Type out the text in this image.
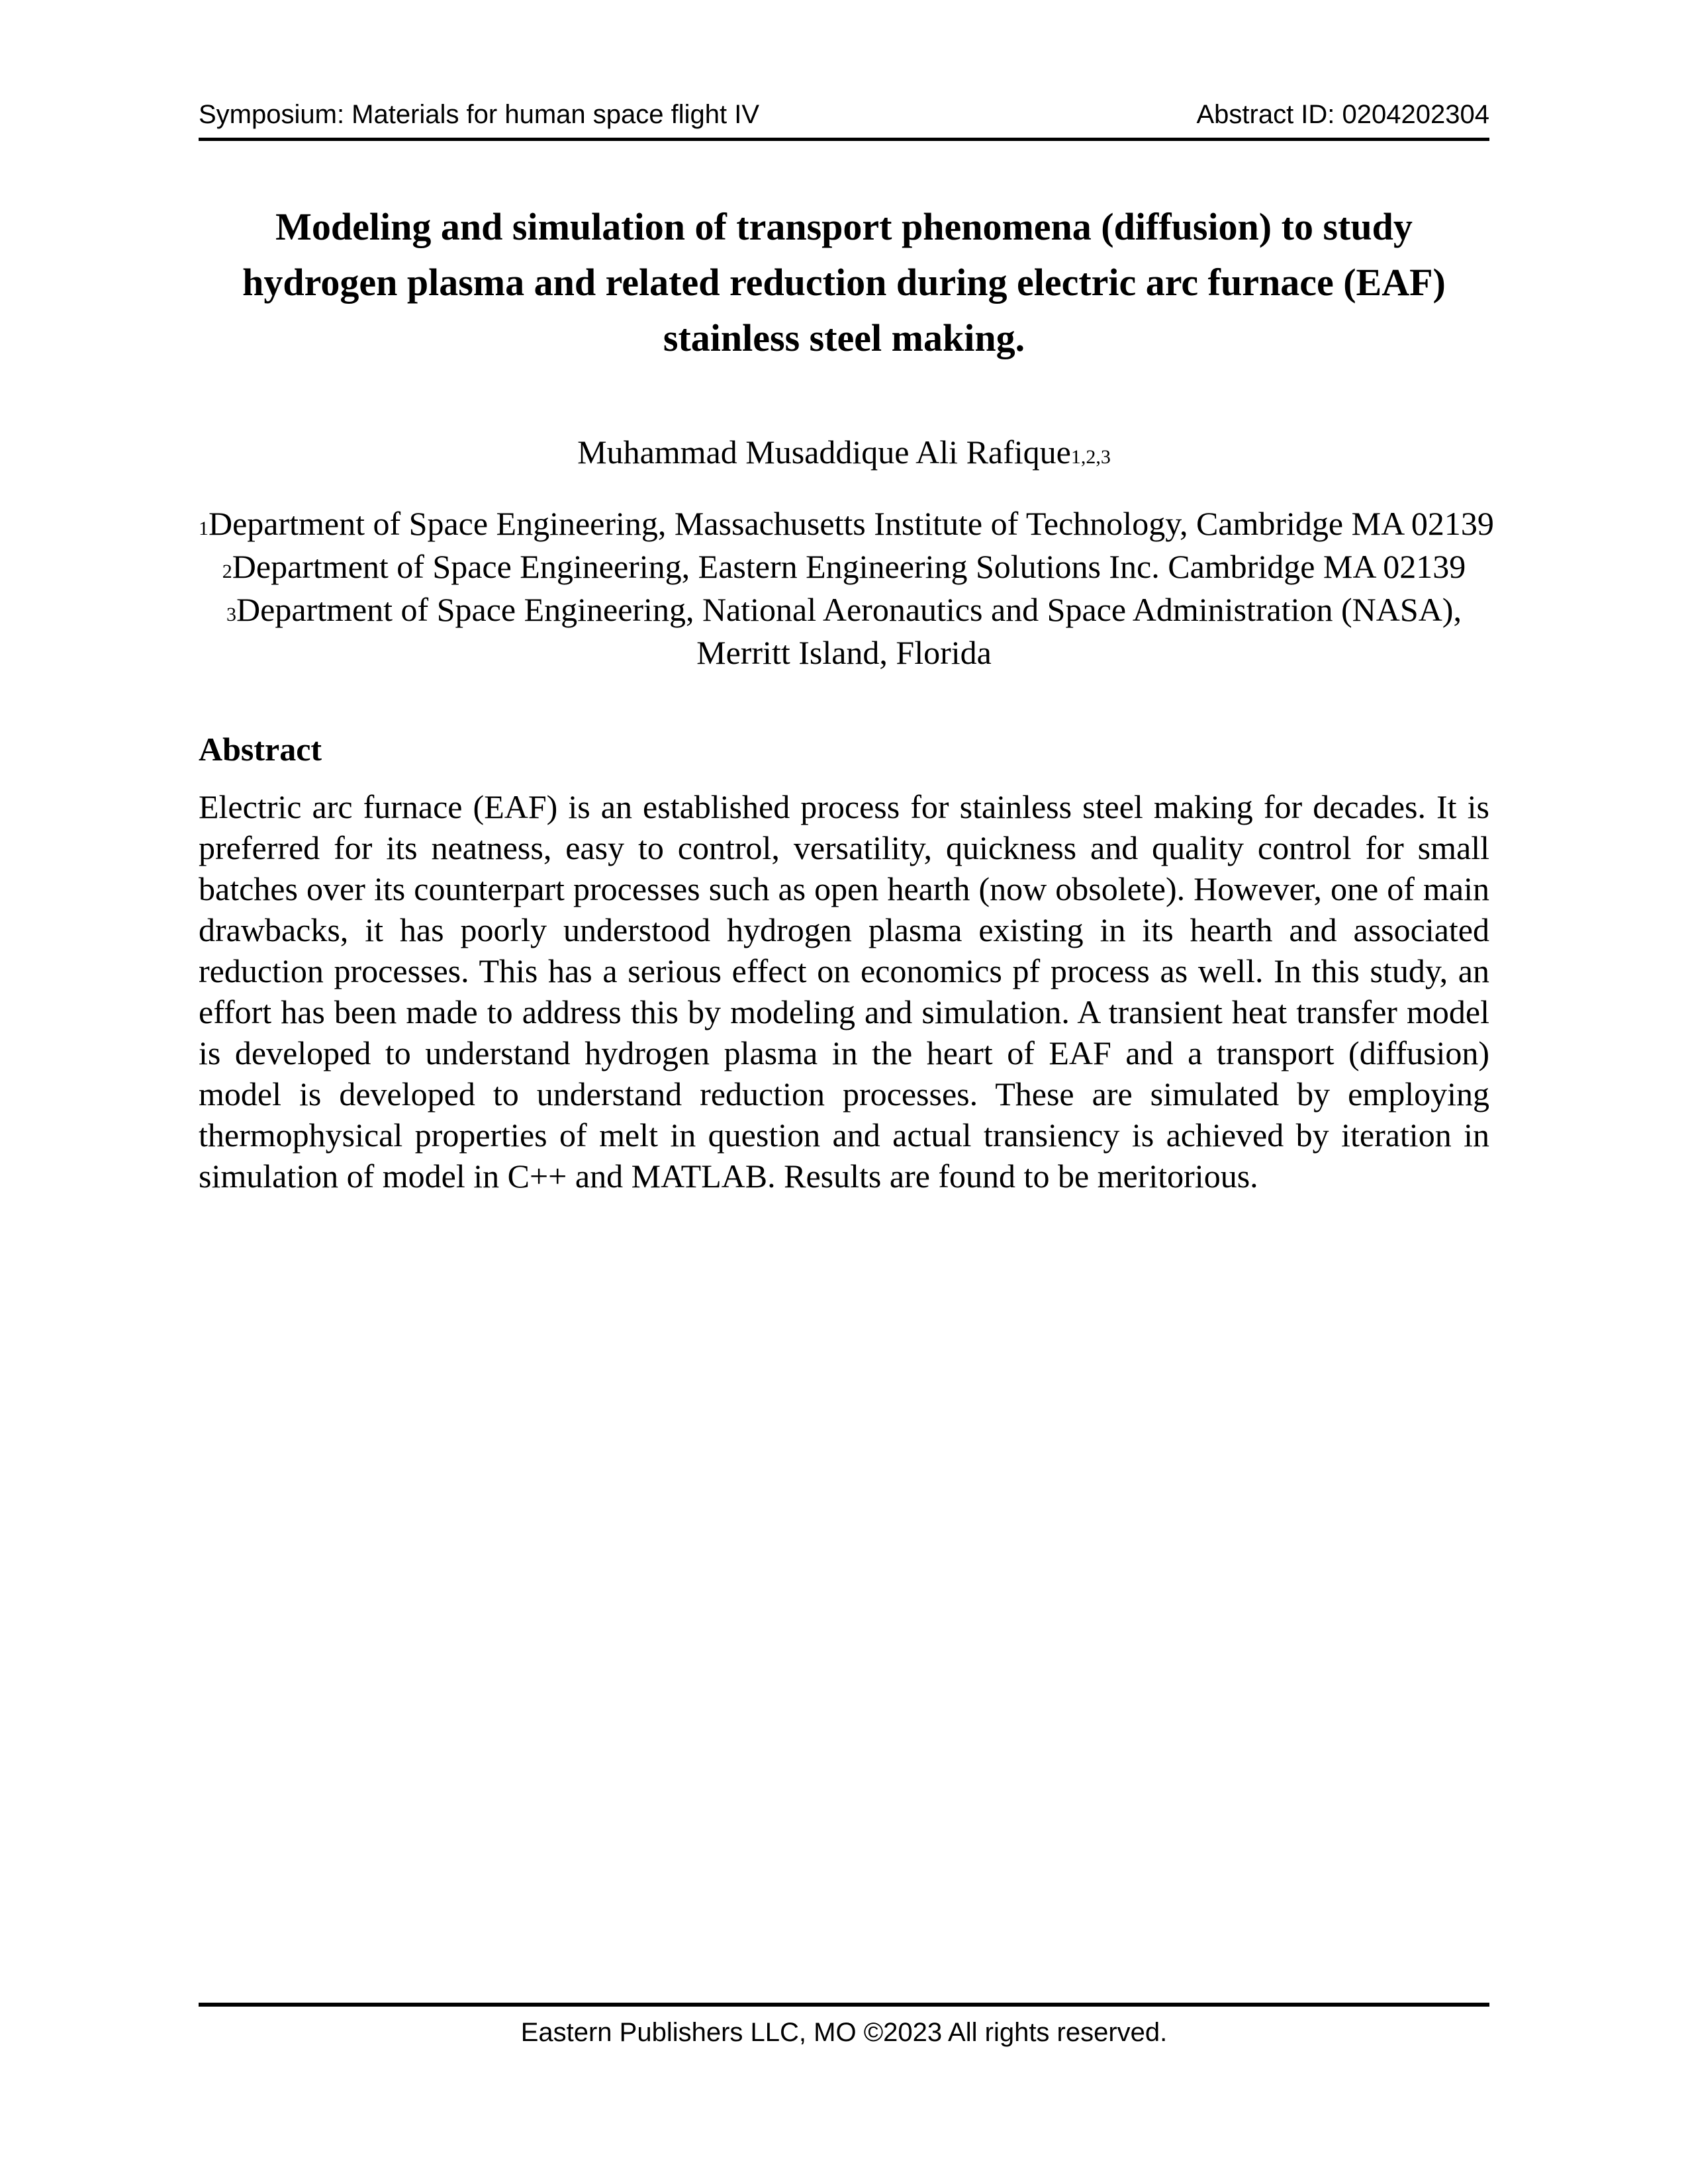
Symposium: Materials for human space flight IV	Abstract ID: 0204202304
Modeling and simulation of transport phenomena (diffusion) to study hydrogen plasma and related reduction during electric arc furnace (EAF) stainless steel making.
Muhammad Musaddique Ali Rafique$^{1,2,3}$
$^1$Department of Space Engineering, Massachusetts Institute of Technology, Cambridge MA 02139
$^2$Department of Space Engineering, Eastern Engineering Solutions Inc. Cambridge MA 02139
$^3$Department of Space Engineering, National Aeronautics and Space Administration (NASA),
Merritt Island, Florida
Abstract

Electric arc furnace (EAF) is an established process for stainless steel making for decades. It is preferred for its neatness, easy to control, versatility, quickness and quality control for small batches over its counterpart processes such as open hearth (now obsolete). However, one of main drawbacks, it has poorly understood hydrogen plasma existing in its hearth and associated reduction processes. This has a serious effect on economics pf process as well. In this study, an effort has been made to address this by modeling and simulation. A transient heat transfer model is developed to understand hydrogen plasma in the heart of EAF and a transport (diffusion) model is developed to understand reduction processes. These are simulated by employing thermophysical properties of melt in question and actual transiency is achieved by iteration in simulation of model in C++ and MATLAB. Results are found to be meritorious.

Eastern Publishers LLC, MO ©2023 All rights reserved.
